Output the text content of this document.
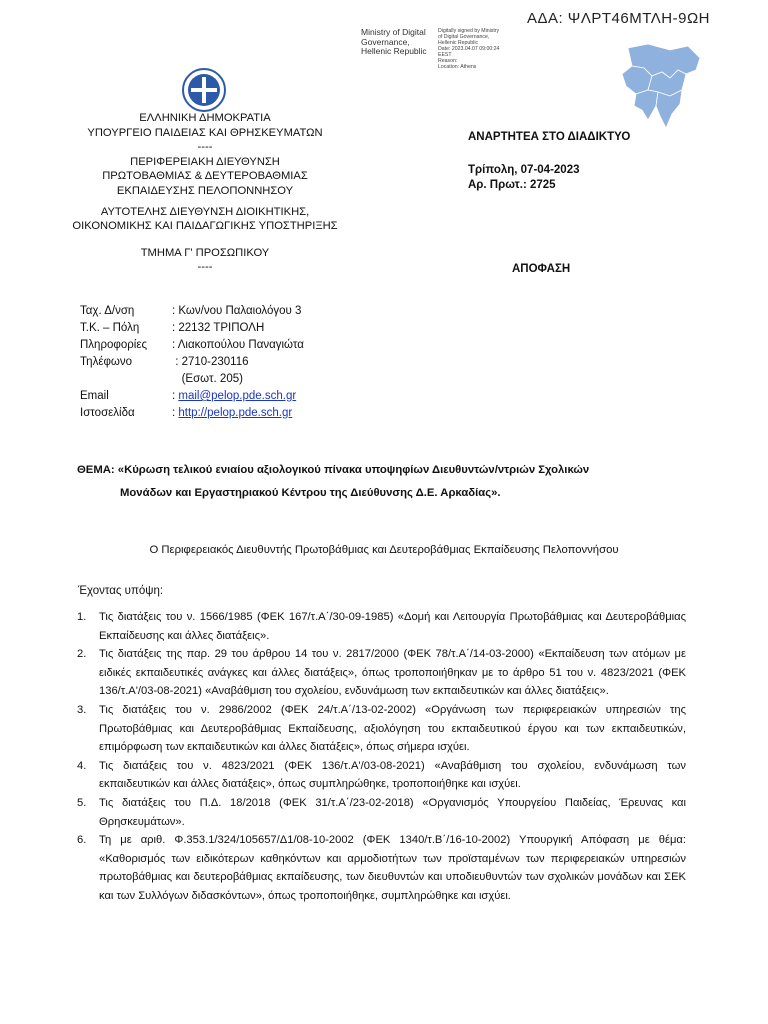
ΑΔΑ: ΨΛΡΤ46ΜΤΛΗ-9ΩΗ
Ministry of Digital
Governance,
Hellenic Republic
Digitally signed by Ministry
of Digital Governance,
Hellenic Republic
Date: 2023.04.07 09:00:24
EEST
Reason:
Location: Athens
ΕΛΛΗΝΙΚΗ ΔΗΜΟΚΡΑΤΙΑ
ΥΠΟΥΡΓΕΙΟ ΠΑΙΔΕΙΑΣ ΚΑΙ ΘΡΗΣΚΕΥΜΑΤΩΝ
----
ΠΕΡΙΦΕΡΕΙΑΚΗ ΔΙΕΥΘΥΝΣΗ
ΠΡΩΤΟΒΑΘΜΙΑΣ & ΔΕΥΤΕΡΟΒΑΘΜΙΑΣ
ΕΚΠΑΙΔΕΥΣΗΣ ΠΕΛΟΠΟΝΝΗΣΟΥ
ΑΥΤΟΤΕΛΗΣ ΔΙΕΥΘΥΝΣΗ ΔΙΟΙΚΗΤΙΚΗΣ,
ΟΙΚΟΝΟΜΙΚΗΣ ΚΑΙ ΠΑΙΔΑΓΩΓΙΚΗΣ ΥΠΟΣΤΗΡΙΞΗΣ
ΤΜΗΜΑ Γ' ΠΡΟΣΩΠΙΚΟΥ
----
ΑΝΑΡΤΗΤΕΑ ΣΤΟ ΔΙΑΔΙΚΤΥΟ
Τρίπολη, 07-04-2023
Αρ. Πρωτ.: 2725
ΑΠΟΦΑΣΗ
Ταχ. Δ/νση	: Κων/νου Παλαιολόγου 3
Τ.Κ. – Πόλη	: 22132 ΤΡΙΠΟΛΗ
Πληροφορίες	: Λιακοπούλου Παναγιώτα
Τηλέφωνο	: 2710-230116
(Εσωτ. 205)
Email	: mail@pelop.pde.sch.gr
Ιστοσελίδα	: http://pelop.pde.sch.gr
ΘΕΜΑ: «Κύρωση τελικού ενιαίου αξιολογικού πίνακα υποψηφίων Διευθυντών/ντριών Σχολικών
Μονάδων και Εργαστηριακού Κέντρου της Διεύθυνσης Δ.Ε. Αρκαδίας».
Ο Περιφερειακός Διευθυντής Πρωτοβάθμιας και Δευτεροβάθμιας Εκπαίδευσης Πελοποννήσου
Έχοντας υπόψη:
1.	Τις διατάξεις του ν. 1566/1985 (ΦΕΚ 167/τ.Α΄/30-09-1985) «Δομή και Λειτουργία Πρωτοβάθμιας και Δευτεροβάθμιας Εκπαίδευσης και άλλες διατάξεις».
2.	Τις διατάξεις της παρ. 29 του άρθρου 14 του ν. 2817/2000 (ΦΕΚ 78/τ.Α΄/14-03-2000) «Εκπαίδευση των ατόμων με ειδικές εκπαιδευτικές ανάγκες και άλλες διατάξεις», όπως τροποποιήθηκαν με το άρθρο 51 του ν. 4823/2021 (ΦΕΚ 136/τ.Α'/03-08-2021) «Αναβάθμιση του σχολείου, ενδυνάμωση των εκπαιδευτικών και άλλες διατάξεις».
3.	Τις διατάξεις του ν. 2986/2002 (ΦΕΚ 24/τ.Α΄/13-02-2002) «Οργάνωση των περιφερειακών υπηρεσιών της Πρωτοβάθμιας και Δευτεροβάθμιας Εκπαίδευσης, αξιολόγηση του εκπαιδευτικού έργου και των εκπαιδευτικών, επιμόρφωση των εκπαιδευτικών και άλλες διατάξεις», όπως σήμερα ισχύει.
4.	Τις διατάξεις του ν. 4823/2021 (ΦΕΚ 136/τ.Α'/03-08-2021) «Αναβάθμιση του σχολείου, ενδυνάμωση των εκπαιδευτικών και άλλες διατάξεις», όπως συμπληρώθηκε, τροποποιήθηκε και ισχύει.
5.	Τις διατάξεις του Π.Δ. 18/2018 (ΦΕΚ 31/τ.Α΄/23-02-2018) «Οργανισμός Υπουργείου Παιδείας, Έρευνας και Θρησκευμάτων».
6.	Τη με αριθ. Φ.353.1/324/105657/Δ1/08-10-2002 (ΦΕΚ 1340/τ.Β΄/16-10-2002) Υπουργική Απόφαση με θέμα: «Καθορισμός των ειδικότερων καθηκόντων και αρμοδιοτήτων των προϊσταμένων των περιφερειακών υπηρεσιών πρωτοβάθμιας και δευτεροβάθμιας εκπαίδευσης, των διευθυντών και υποδιευθυντών των σχολικών μονάδων και ΣΕΚ και των Συλλόγων διδασκόντων», όπως τροποποιήθηκε, συμπληρώθηκε και ισχύει.
